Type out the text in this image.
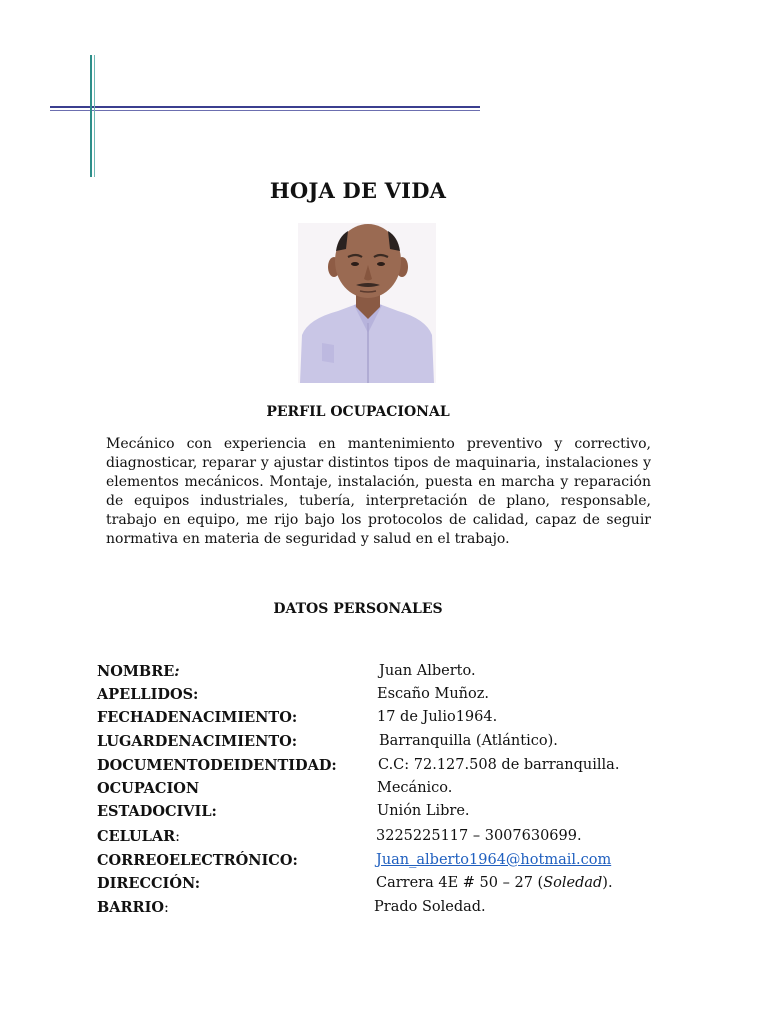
HOJA DE VIDA
PERFIL OCUPACIONAL
Mecánico con experiencia en mantenimiento preventivo y correctivo, diagnosticar, reparar y ajustar distintos tipos de maquinaria, instalaciones y elementos mecánicos. Montaje, instalación, puesta en marcha y reparación de equipos industriales, tubería, interpretación de plano, responsable, trabajo en equipo, me rijo bajo los protocolos de calidad, capaz de seguir normativa en materia de seguridad y salud en el trabajo.
DATOS PERSONALES
NOMBRE:	Juan Alberto.
APELLIDOS:	Escaño Muñoz.
FECHADENACIMIENTO:	17 de Julio1964.
LUGARDENACIMIENTO:	Barranquilla (Atlántico).
DOCUMENTODEIDENTIDAD:	C.C: 72.127.508 de barranquilla.
OCUPACION	Mecánico.
ESTADOCIVIL:	Unión Libre.
CELULAR:	3225225117 – 3007630699.
CORREOELECTRÓNICO:	Juan_alberto1964@hotmail.com
DIRECCIÓN:	Carrera 4E # 50 – 27 (Soledad).
BARRIO:	Prado Soledad.
